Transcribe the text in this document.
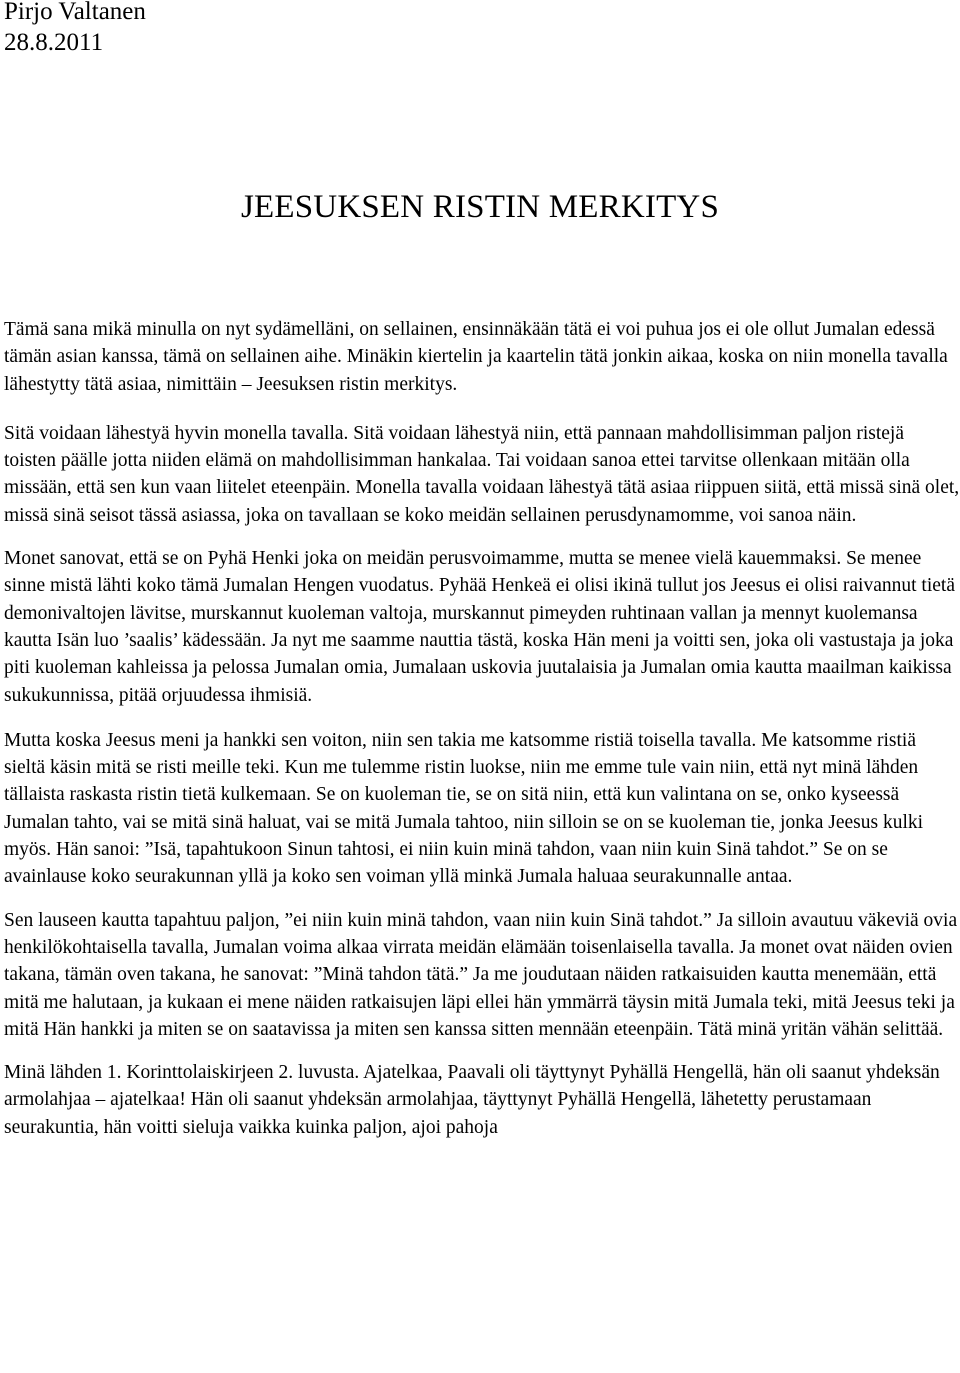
Pirjo Valtanen

28.8.2011

JEESUKSEN RISTIN MERKITYS

Tämä sana mikä minulla on nyt sydämelläni, on sellainen, ensinnäkään tätä ei voi puhua jos ei ole ollut Jumalan edessä tämän asian kanssa, tämä on sellainen aihe. Minäkin kiertelin ja kaartelin tätä jonkin aikaa, koska on niin monella tavalla lähestytty tätä asiaa, nimittäin – Jeesuksen ristin merkitys.

Sitä voidaan lähestyä hyvin monella tavalla. Sitä voidaan lähestyä niin, että pannaan mahdollisimman paljon ristejä toisten päälle jotta niiden elämä on mahdollisimman hankalaa. Tai voidaan sanoa ettei tarvitse ollenkaan mitään olla missään, että sen kun vaan liitelet eteenpäin. Monella tavalla voidaan lähestyä tätä asiaa riippuen siitä, että missä sinä olet, missä sinä seisot tässä asiassa, joka on tavallaan se koko meidän sellainen perusdynamomme, voi sanoa näin.

Monet sanovat, että se on Pyhä Henki joka on meidän perusvoimamme, mutta se menee vielä kauemmaksi. Se menee sinne mistä lähti koko tämä Jumalan Hengen vuodatus. Pyhää Henkeä ei olisi ikinä tullut jos Jeesus ei olisi raivannut tietä demonivaltojen lävitse, murskannut kuoleman valtoja, murskannut pimeyden ruhtinaan vallan ja mennyt kuolemansa kautta Isän luo ’saalis’ kädessään. Ja nyt me saamme nauttia tästä, koska Hän meni ja voitti sen, joka oli vastustaja ja joka piti kuoleman kahleissa ja pelossa Jumalan omia, Jumalaan uskovia juutalaisia ja Jumalan omia kautta maailman kaikissa sukukunnissa, pitää orjuudessa ihmisiä.

Mutta koska Jeesus meni ja hankki sen voiton, niin sen takia me katsomme ristiä toisella tavalla. Me katsomme ristiä sieltä käsin mitä se risti meille teki. Kun me tulemme ristin luokse, niin me emme tule vain niin, että nyt minä lähden tällaista raskasta ristin tietä kulkemaan. Se on kuoleman tie, se on sitä niin, että kun valintana on se, onko kyseessä Jumalan tahto, vai se mitä sinä haluat, vai se mitä Jumala tahtoo, niin silloin se on se kuoleman tie, jonka Jeesus kulki myös. Hän sanoi: ”Isä, tapahtukoon Sinun tahtosi, ei niin kuin minä tahdon, vaan niin kuin Sinä tahdot.” Se on se avainlause koko seurakunnan yllä ja koko sen voiman yllä minkä Jumala haluaa seurakunnalle antaa.

Sen lauseen kautta tapahtuu paljon, ”ei niin kuin minä tahdon, vaan niin kuin Sinä tahdot.” Ja silloin avautuu väkeviä ovia henkilökohtaisella tavalla, Jumalan voima alkaa virrata meidän elämään toisenlaisella tavalla. Ja monet ovat näiden ovien takana, tämän oven takana, he sanovat: ”Minä tahdon tätä.” Ja me joudutaan näiden ratkaisuiden kautta menemään, että mitä me halutaan, ja kukaan ei mene näiden ratkaisujen läpi ellei hän ymmärrä täysin mitä Jumala teki, mitä Jeesus teki ja mitä Hän hankki ja miten se on saatavissa ja miten sen kanssa sitten mennään eteenpäin. Tätä minä yritän vähän selittää.

Minä lähden 1. Korinttolaiskirjeen 2. luvusta. Ajatelkaa, Paavali oli täyttynyt Pyhällä Hengellä, hän oli saanut yhdeksän armolahjaa – ajatelkaa! Hän oli saanut yhdeksän armolahjaa, täyttynyt Pyhällä Hengellä, lähetetty perustamaan seurakuntia, hän voitti sieluja vaikka kuinka paljon, ajoi pahoja
